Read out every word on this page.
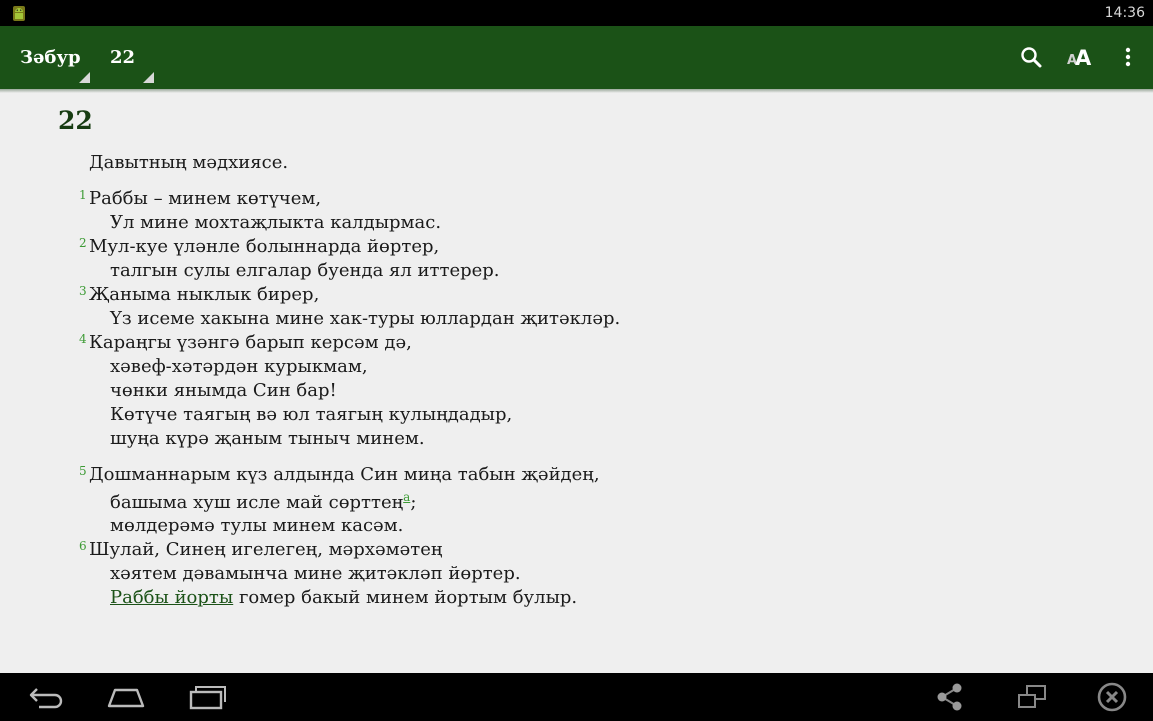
14:36
Зәбур 22	A
A
22
Давытның мәдхиясе.
1 Раббы – минем көтүчем,
Ул мине мохтаҗлыкта калдырмас.
2 Мул-куе үләнле болыннарда йөртер,
талгын сулы елгалар буенда ял иттерер.
3 Җаныма ныклык бирер,
Үз исеме хакына мине хак-туры юллардан җитәкләр.
4 Караңгы үзәнгә барып керсәм дә,
хәвеф-хәтәрдән курыкмам,
чөнки янымда Син бар!
Көтүче таягың вә юл таягың кулыңдадыр,
шуңа күрә җаным тыныч минем.
5 Дошманнарым күз алдында Син миңа табын җәйдең,
башыма хуш исле май сөрттең$^a$;
мөлдерәмә тулы минем касәм.
6 Шулай, Синең игелегең, мәрхәмәтең
хәятем дәвамынча мине җитәкләп йөртер.
Раббы йорты гомер бакый минем йортым булыр.
